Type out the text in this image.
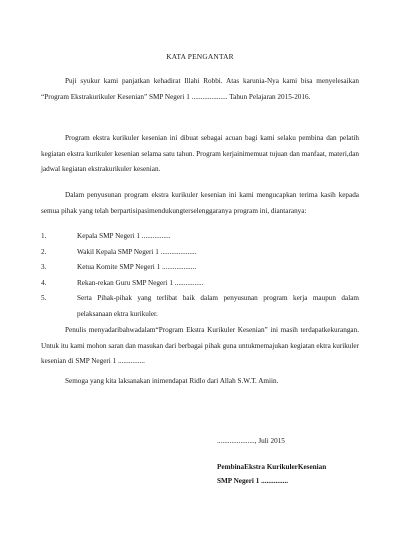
KATA PENGANTAR
Puji syukur kami panjatkan kehadirat Illahi Robbi. Atas karunia-Nya kami bisa menyelesaikan “Program Ekstrakurikuler Kesenian” SMP Negeri 1 .................... Tahun Pelajaran 2015-2016.
Program ekstra kurikuler kesenian ini dibuat sebagai acuan bagi kami selaku pembina dan pelatih kegiatan ekstra kurikuler kesenian selama satu tahun. Program kerjainimemuat tujuan dan manfaat, materi,dan jadwal kegiatan ekstrakurikuler kesenian.
Dalam penyusunan program ekstra kurikuler kesenian ini kami mengucapkan terima kasih kepada semua pihak yang telah berpartisipasimendukungterselenggaranya program ini, diantaranya:
1.	Kepala SMP Negeri 1 ................
2.	Wakil Kepala SMP Negeri 1 ....................
3.	Ketua Komite SMP Negeri 1 ...................
4.	Rekan-rekan Guru SMP Negeri 1 ................
5.	Serta Pihak-pihak yang terlibat baik dalam penyusunan program kerja maupun dalam pelaksanaan ektra kurikuler.
Penulis menyadaribahwadalam“Program Ekstra Kurikuler Kesenian” ini masih terdapatkekurangan. Untuk itu kami mohon saran dan masukan dari berbagai pihak guna untukmemajukan kegiatan ektra kurikuler kesenian di SMP Negeri 1 ...............
Semoga yang kita laksanakan inimendapat Ridlo dari Allah S.W.T. Amiin.
....................., Juli 2015
PembinaEkstra KurikulerKesenian
SMP Negeri 1 ...............
